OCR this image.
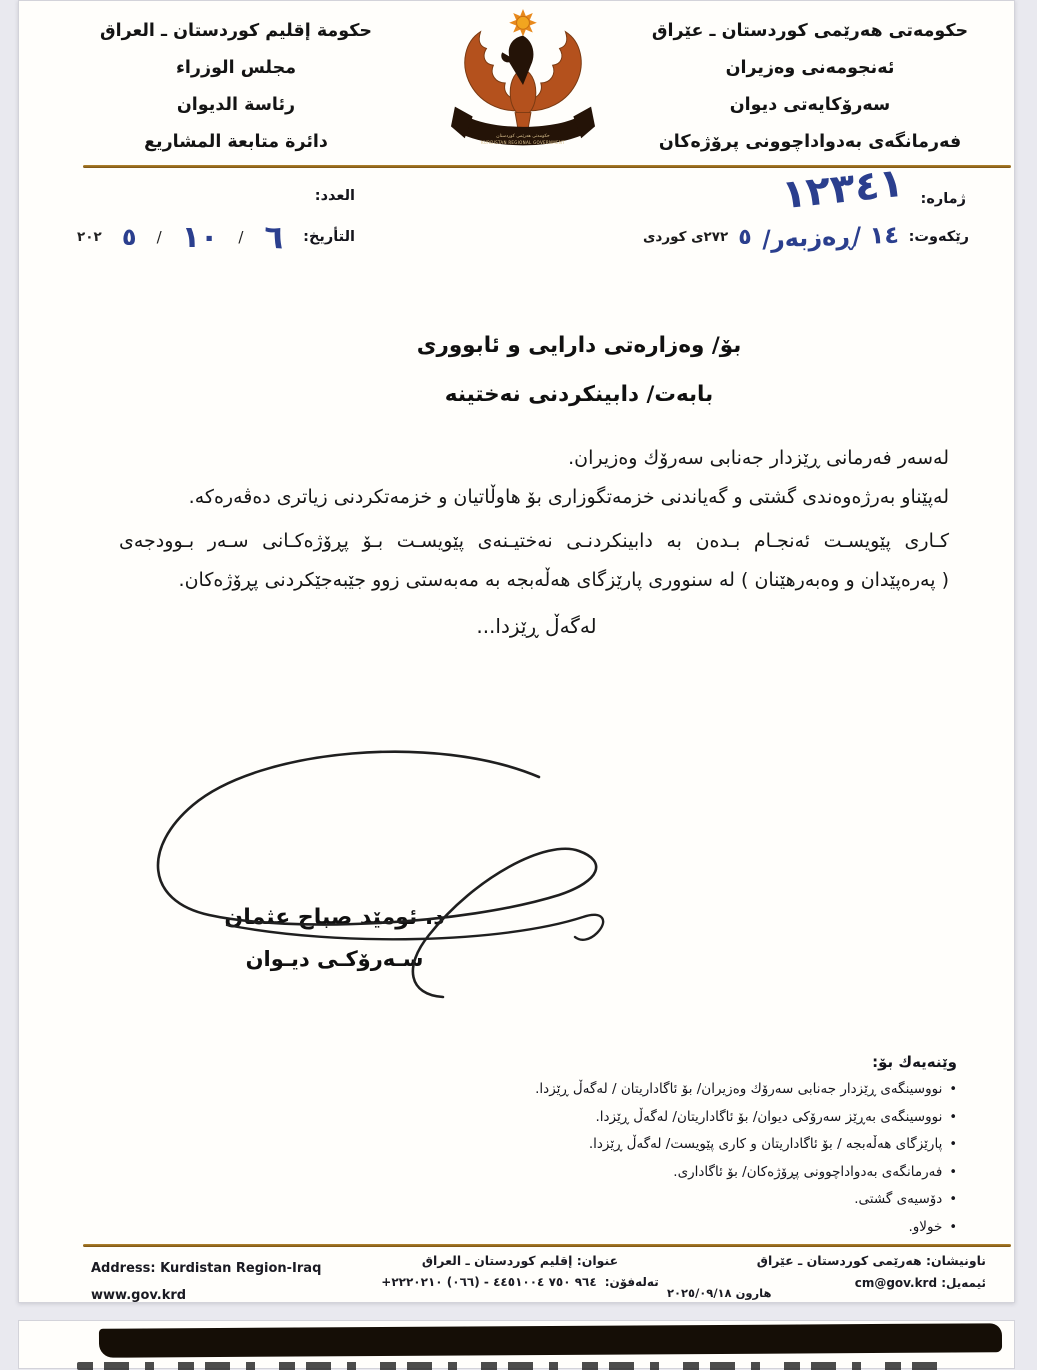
حكومة إقليم كوردستان ـ العراق
مجلس الوزراء
رئاسة الديوان
دائرة متابعة المشاريع	حكومەتی هەرێمی كوردستان
KURDISTAN REGIONAL GOVERNMENT
حكومەتی هەرێمی كوردستان ـ عێراق
ئەنجومەنی وەزیران
سەرۆكایەتی دیوان
فەرمانگەی بەدواداچوونی پرۆژەكان
ژمارە:
١٢٣٤١
رێكەوت:
١٤ /ڕەزبەر/
٥
٢٧٢ی كوردی
العدد:
التأريخ:
٦
/
١٠
/
٥
٢٠٢
بۆ/ وەزارەتی دارایی و ئابووری
بابەت/ دابینكردنی نەختینە
لەسەر فەرمانی ڕێزدار جەنابی سەرۆك وەزیران.
لەپێناو بەرژەوەندی گشتی و گەیاندنی خزمەتگوزاری بۆ هاوڵاتیان و خزمەتكردنی زیاتری دەڤەرەكە.
كـاری پێویسـت ئەنجـام بـدەن بە دابینكردنـی نەختیـنەی پێویسـت بـۆ پڕۆژەكـانی سـەر بـوودجەی
( پەرەپێدان و وەبەرهێنان ) لە سنووری پارێزگای هەڵەبجە بە مەبەستی زوو جێبەجێكردنی پڕۆژەكان.
لەگەڵ ڕێزدا...
د. ئومێد صباح عثمان
سـەرۆكـی دیـوان
وێنەیەك بۆ:
• نووسینگەی ڕێزدار جەنابی سەرۆك وەزیران/ بۆ ئاگاداریتان / لەگەڵ ڕێزدا.
• نووسینگەی بەڕێز سەرۆكی دیوان/ بۆ ئاگاداریتان/ لەگەڵ ڕێزدا.
• پارێزگای هەڵەبجە / بۆ ئاگاداریتان و كاری پێویست/ لەگەڵ ڕێزدا.
• فەرمانگەی بەدواداچوونی پڕۆژەكان/ بۆ ئاگاداری.
• دۆسیەی گشتی.
• خولاو.
Address: Kurdistan Region-Iraq
www.gov.krd
عنوان: إقليم كوردستان ـ العراق
+٩٦٤ ٧٥٠ ٤٤٥١٠٠٤ - (٠٦٦) ٢٢٢٠٢١٠ تەلەفۆن:
هارون ٢٠٢٥/٠٩/١٨
ناونیشان: هەرێمی كوردستان ـ عێراق
ئیمەیل: cm@gov.krd
